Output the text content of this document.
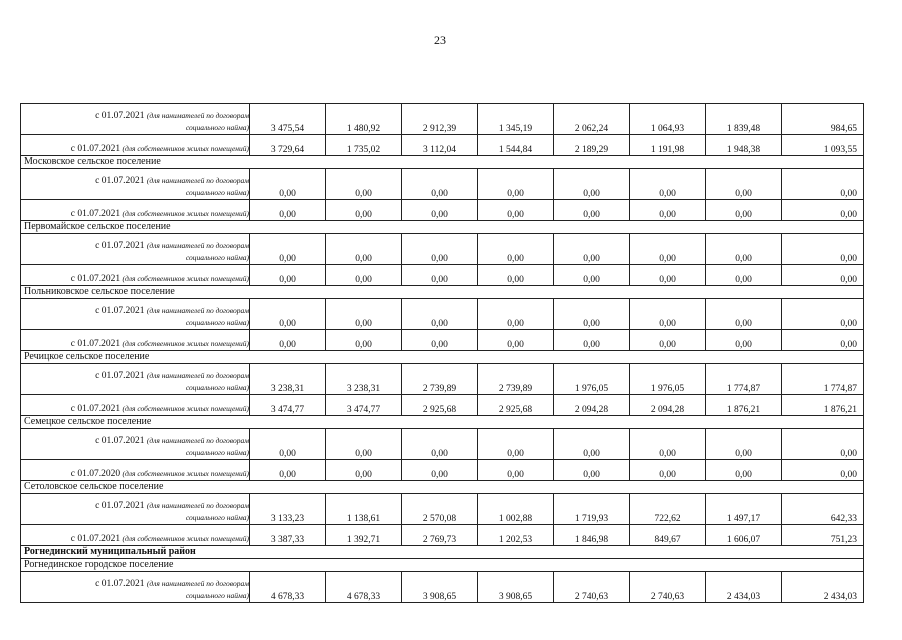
23
с 01.07.2021 (для нанимателей по договорам
социального найма)	3 475,54	1 480,92	2 912,39	1 345,19	2 062,24	1 064,93	1 839,48	984,65
с 01.07.2021 (для собственников жилых помещений)	3 729,64	1 735,02	3 112,04	1 544,84	2 189,29	1 191,98	1 948,38	1 093,55
Московское сельское поселение								
с 01.07.2021 (для нанимателей по договорам
социального найма)	0,00	0,00	0,00	0,00	0,00	0,00	0,00	0,00
с 01.07.2021 (для собственников жилых помещений)	0,00	0,00	0,00	0,00	0,00	0,00	0,00	0,00
Первомайское сельское поселение								
с 01.07.2021 (для нанимателей по договорам
социального найма)	0,00	0,00	0,00	0,00	0,00	0,00	0,00	0,00
с 01.07.2021 (для собственников жилых помещений)	0,00	0,00	0,00	0,00	0,00	0,00	0,00	0,00
Польниковское сельское поселение								
с 01.07.2021 (для нанимателей по договорам
социального найма)	0,00	0,00	0,00	0,00	0,00	0,00	0,00	0,00
с 01.07.2021 (для собственников жилых помещений)	0,00	0,00	0,00	0,00	0,00	0,00	0,00	0,00
Речицкое сельское поселение								
с 01.07.2021 (для нанимателей по договорам
социального найма)	3 238,31	3 238,31	2 739,89	2 739,89	1 976,05	1 976,05	1 774,87	1 774,87
с 01.07.2021 (для собственников жилых помещений)	3 474,77	3 474,77	2 925,68	2 925,68	2 094,28	2 094,28	1 876,21	1 876,21
Семецкое сельское поселение								
с 01.07.2021 (для нанимателей по договорам
социального найма)	0,00	0,00	0,00	0,00	0,00	0,00	0,00	0,00
с 01.07.2020 (для собственников жилых помещений)	0,00	0,00	0,00	0,00	0,00	0,00	0,00	0,00
Сетоловское сельское поселение								
с 01.07.2021 (для нанимателей по договорам
социального найма)	3 133,23	1 138,61	2 570,08	1 002,88	1 719,93	722,62	1 497,17	642,33
с 01.07.2021 (для собственников жилых помещений)	3 387,33	1 392,71	2 769,73	1 202,53	1 846,98	849,67	1 606,07	751,23
Рогнединский муниципальный район								
Рогнединское городское поселение								
с 01.07.2021 (для нанимателей по договорам
социального найма)	4 678,33	4 678,33	3 908,65	3 908,65	2 740,63	2 740,63	2 434,03	2 434,03
